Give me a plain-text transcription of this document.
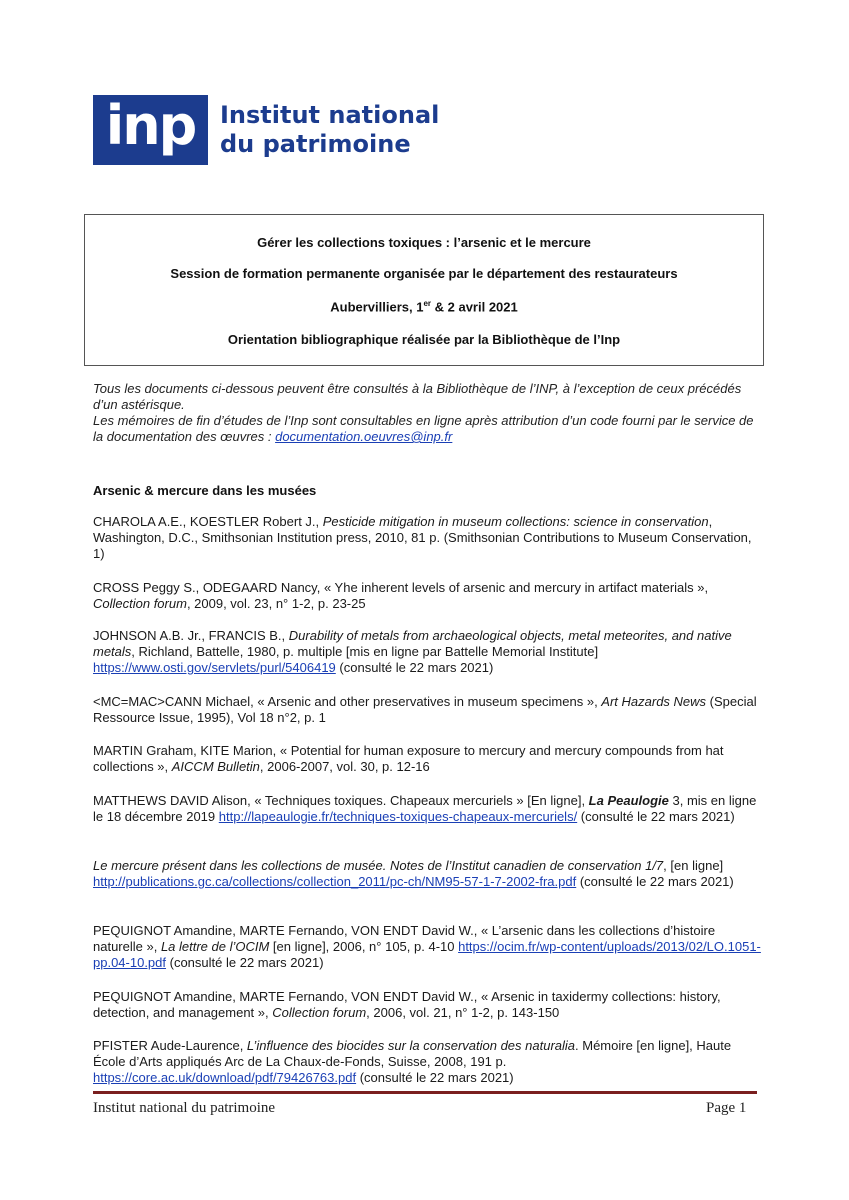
inp	Institut national
du patrimoine
Gérer les collections toxiques : l’arsenic et le mercure
Session de formation permanente organisée par le département des restaurateurs
Aubervilliers, 1er & 2 avril 2021
Orientation bibliographique réalisée par la Bibliothèque de l’Inp

Tous les documents ci-dessous peuvent être consultés à la Bibliothèque de l’INP, à l’exception de ceux précédés d’un astérisque.

Les mémoires de fin d’études de l’Inp sont consultables en ligne après attribution d’un code fourni par le service de la documentation des œuvres : documentation.oeuvres@inp.fr

Arsenic & mercure dans les musées

CHAROLA A.E., KOESTLER Robert J., Pesticide mitigation in museum collections: science in conservation, Washington, D.C., Smithsonian Institution press, 2010, 81 p. (Smithsonian Contributions to Museum Conservation, 1)

CROSS Peggy S., ODEGAARD Nancy, « Yhe inherent levels of arsenic and mercury in artifact materials », Collection forum, 2009, vol. 23, n° 1-2, p. 23-25

JOHNSON A.B. Jr., FRANCIS B., Durability of metals from archaeological objects, metal meteorites, and native metals, Richland, Battelle, 1980, p. multiple [mis en ligne par Battelle Memorial Institute] https://www.osti.gov/servlets/purl/5406419 (consulté le 22 mars 2021)

<MC=MAC>CANN Michael, « Arsenic and other preservatives in museum specimens », Art Hazards News (Special Ressource Issue, 1995), Vol 18 n°2, p. 1

MARTIN Graham, KITE Marion, « Potential for human exposure to mercury and mercury compounds from hat collections », AICCM Bulletin, 2006-2007, vol. 30, p. 12-16

MATTHEWS DAVID Alison, « Techniques toxiques. Chapeaux mercuriels » [En ligne], La Peaulogie 3, mis en ligne le 18 décembre 2019 http://lapeaulogie.fr/techniques-toxiques-chapeaux-mercuriels/ (consulté le 22 mars 2021)

Le mercure présent dans les collections de musée. Notes de l’Institut canadien de conservation 1/7, [en ligne] http://publications.gc.ca/collections/collection_2011/pc-ch/NM95-57-1-7-2002-fra.pdf (consulté le 22 mars 2021)

PEQUIGNOT Amandine, MARTE Fernando, VON ENDT David W., « L’arsenic dans les collections d’histoire naturelle », La lettre de l’OCIM [en ligne], 2006, n° 105, p. 4-10 https://ocim.fr/wp-content/uploads/2013/02/LO.1051-pp.04-10.pdf (consulté le 22 mars 2021)

PEQUIGNOT Amandine, MARTE Fernando, VON ENDT David W., « Arsenic in taxidermy collections: history, detection, and management », Collection forum, 2006, vol. 21, n° 1-2, p. 143-150

PFISTER Aude-Laurence, L’influence des biocides sur la conservation des naturalia. Mémoire [en ligne], Haute École d’Arts appliqués Arc de La Chaux-de-Fonds, Suisse, 2008, 191 p. https://core.ac.uk/download/pdf/79426763.pdf (consulté le 22 mars 2021)

Institut national du patrimoine	Page 1
